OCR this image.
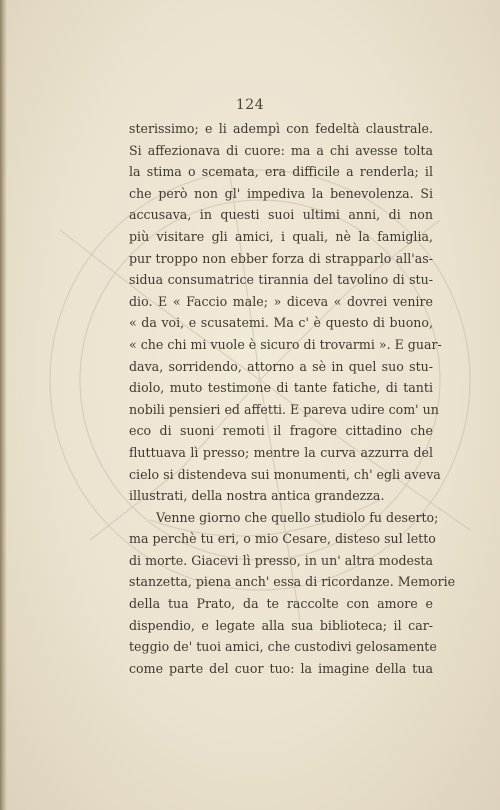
124
sterissimo; e li adempì con fedeltà claustrale.
Si affezionava di cuore: ma a chi avesse tolta
la stima o scemata, era difficile a renderla; il
che però non gl' impediva la benevolenza. Si
accusava, in questi suoi ultimi anni, di non
più visitare gli amici, i quali, nè la famiglia,
pur troppo non ebber forza di strapparlo all'as-
sidua consumatrice tirannia del tavolino di stu-
dio. E « Faccio male; » diceva « dovrei venire
« da voi, e scusatemi. Ma c' è questo di buono,
« che chi mi vuole è sicuro di trovarmi ». E guar-
dava, sorridendo, attorno a sè in quel suo stu-
diolo, muto testimone di tante fatiche, di tanti
nobili pensieri ed affetti. E pareva udire com' un
eco di suoni remoti il fragore cittadino che
fluttuava lì presso; mentre la curva azzurra del
cielo si distendeva sui monumenti, ch' egli aveva
illustrati, della nostra antica grandezza.
Venne giorno che quello studiolo fu deserto;
ma perchè tu eri, o mio Cesare, disteso sul letto
di morte. Giacevi lì presso, in un' altra modesta
stanzetta, piena anch' essa di ricordanze. Memorie
della tua Prato, da te raccolte con amore e
dispendio, e legate alla sua biblioteca; il car-
teggio de' tuoi amici, che custodivi gelosamente
come parte del cuor tuo: la imagine della tua
